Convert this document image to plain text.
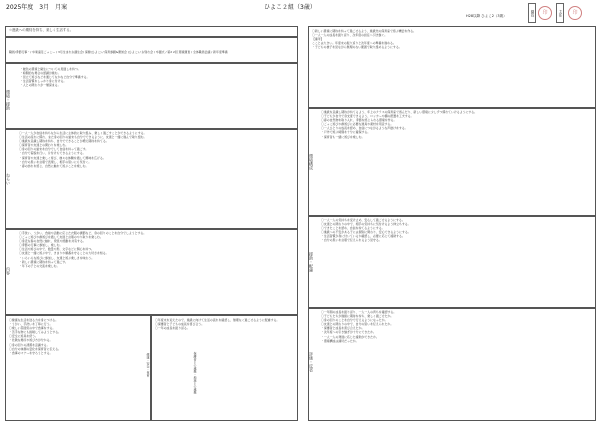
2025年度　3月　月案	ひよこ２組（3歳）
H28以降 ひよこ2（3歳）	園長	印	主任	印
☆進級への期待を持ち、楽しく生活する。
職員/季節行事・/ 卒業遠足ごっこー / 3月生まれお誕生会/ 保健(ひよこ) / 保育参観&懇談会 (ひよこ) / お別れ会 / 卒園式 / 第2 2回 環境調査 / 全体職員会議 / 新年度準備
・暖色の環境と衛生についての見通しを持つ。
・時間的な場合の認識が進む。
・見立て遊びなどを通じてなかなど自分で準備する。
・生活習慣をしっかり身に付ける。
・人との関わりが一層深まる。
環境・援助
ねらい
〇一人一人が自信を持ちながら生活に主体的に取り組み、楽しく過ごすことができるようにする。
〇生活の流れに慣れ、また身の回りの始末も自分でできるように、友達と一緒に進んで取り組む。
〇進級を意識し期待を持ち、自分でできることが増え期待を持てる。
〇保育者や友達との関わりを楽しむ。
〇身の回りの始末を自分でして自信を持って過ごす。
・自分で着脱を行い、片付けもできるようにする。
・保育者や友達と楽しく遊び、様々な体験を通して興味を広げる。
・自分の思いを言葉で表現し、相手の思いにも気付く。
・春の訪れを感じ、自然に触れて遊ぶことを楽しむ。
内容
〇手洗い、うがい、食前や活動に応じた衣服の調節など、身の回りのことを自分でしようとする。
〇ごっこ遊びや劇遊びを通して友達と言葉のやり取りを楽しむ。
〇身近な春の自然に触れ、発見や感動を共有する。
〇季節の行事に参加し、楽しむ。
〇生活や遊びの中で、数量や形、文字などに関心を持つ。
〇友達と一緒に遊ぶ中で、きまりや順番を守ることの大切さを知る。
・いろいろな遊びに参加し、友達と遊ぶ楽しさを味わう。
・新しい環境に期待を持って過ごす。
・年下の子との交流を楽しむ。
〇健康な生活を送る力を身につける。
・うがい、手洗いを丁寧に行う。
〇楽しい雰囲気の中で食事をする。
・苦手な物にも挑戦してみようとする。
〇安全に遊具を使う。
・危険な場所や遊び方が分かる。
〇身の回りの清潔を意識する。
〇自分の体調の変化を保育者に伝える。
・食事のマナーを守ろうとする。
〇年度末を迎えたので、進級に向けて生活の流れを確認し、無理なく過ごせるように配慮する。
〇保護者と子どもの成長を喜び合う。
〇一年の成長を振り返る。
健康・安全・食育	保護者との連携・地域との連携
〇新しい環境に期待を持って過ごせるよう、進級先の保育室で遊ぶ機会を作る。
〇一人一人の成長を振り返り、次年度の担任へ引き継ぐ。
【備考】
こことは大きい。年度末の振り返りと次年度への準備を進める。
・子どもの様子を見ながら無理のない範囲で取り組めるようにする。
環境構成
〇進級を意識し期待が持てるよう、年上のクラスの保育室で遊んだり、新しい環境に少しずつ慣れていけるようにする。
〇子どもが自分で身支度できるよう、ロッカーや棚の配置を工夫する。
〇春の自然物を取り入れ、季節を感じられる環境を作る。
〇ごっこ遊びや劇遊びに必要な道具や素材を用意する。
〇一人ひとりの成長を認め、自信につながるような声掛けをする。
・戸外で遊ぶ時間を十分に確保する。
・保育者も一緒に遊びを楽しむ。
援助・配慮
〇一人一人の気持ちを受け止め、安心して過ごせるようにする。
〇友達との関わりの中で、相手の気持ちに気付けるよう仲立ちする。
〇できたことを認め、自信を持てるようにする。
〇進級への不安がある子には個別に関わり、安心できるようにする。
・生活習慣が身に付いているか確認し、必要に応じて援助する。
・自分の思いを言葉で伝えられるよう見守る。
評価・反省
〇一年間の成長を振り返り、一人一人の育ちを確認する。
〇子どもたちが進級に期待を持ち、楽しく過ごせたか。
〇身の回りのことを自分で行えるようになったか。
〇友達との関わりの中で、自分の思いを伝えられたか。
・保護者と成長を喜び合えたか。
・次年度への引き継ぎが十分にできたか。
・一人一人の発達に応じた援助ができたか。
・環境構成は適切だったか。
